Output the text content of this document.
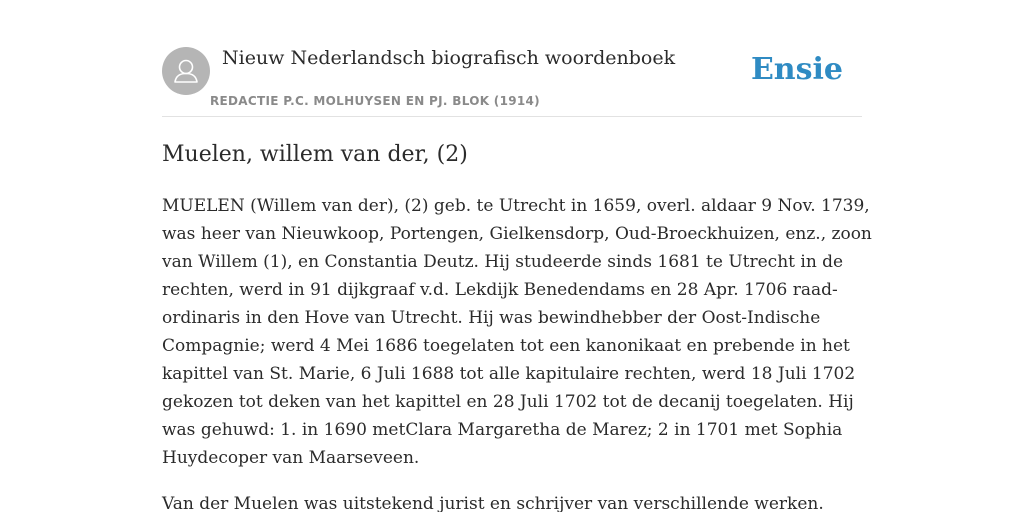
Nieuw Nederlandsch biografisch woordenboek
REDACTIE P.C. MOLHUYSEN EN PJ. BLOK (1914)
Ensie
Muelen, willem van der, (2)

MUELEN (Willem van der), (2) geb. te Utrecht in 1659, overl. aldaar 9 Nov. 1739,
was heer van Nieuwkoop, Portengen, Gielkensdorp, Oud-Broeckhuizen, enz., zoon
van Willem (1), en Constantia Deutz. Hij studeerde sinds 1681 te Utrecht in de
rechten, werd in 91 dijkgraaf v.d. Lekdijk Benedendams en 28 Apr. 1706 raad-
ordinaris in den Hove van Utrecht. Hij was bewindhebber der Oost-Indische
Compagnie; werd 4 Mei 1686 toegelaten tot een kanonikaat en prebende in het
kapittel van St. Marie, 6 Juli 1688 tot alle kapitulaire rechten, werd 18 Juli 1702
gekozen tot deken van het kapittel en 28 Juli 1702 tot de decanij toegelaten. Hij
was gehuwd: 1. in 1690 metClara Margaretha de Marez; 2 in 1701 met Sophia
Huydecoper van Maarseveen.

Van der Muelen was uitstekend jurist en schrijver van verschillende werken.
